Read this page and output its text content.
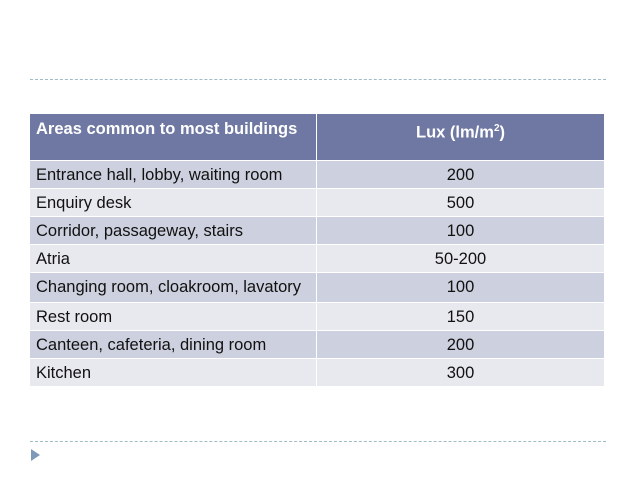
Areas common to most buildings	Lux $(lm/m^2)$
Entrance hall, lobby, waiting room	200
Enquiry desk	500
Corridor, passageway, stairs	100
Atria	50-200
Changing room, cloakroom, lavatory	100
Rest room	150
Canteen, cafeteria, dining room	200
Kitchen	300
